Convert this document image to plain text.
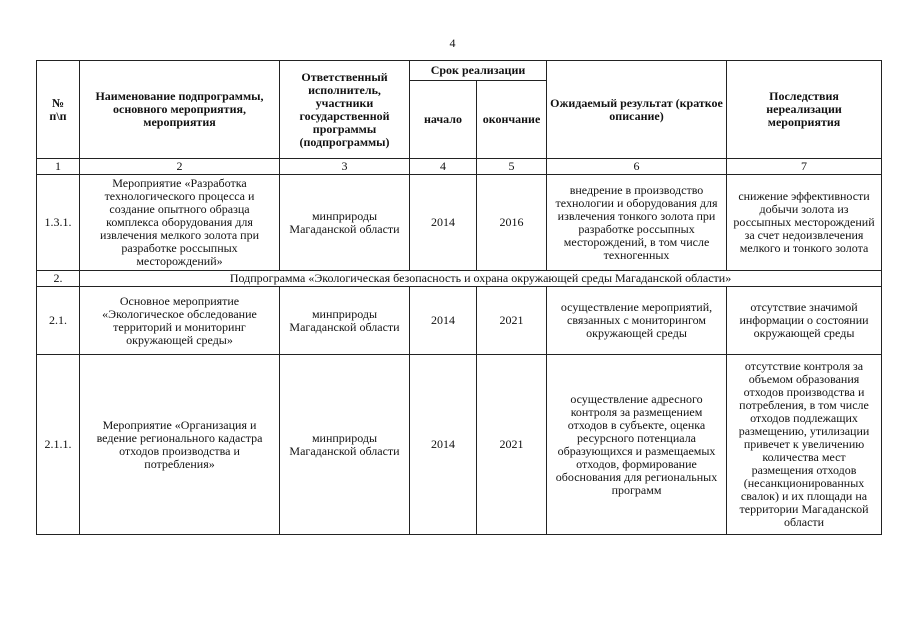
4
№
п\п	Наименование подпрограммы, основного мероприятия, мероприятия	Ответственный исполнитель, участники государственной программы (подпрограммы)	Срок реализации		Ожидаемый результат (краткое описание)	Последствия нереализации мероприятия
			начало	окончание		
1	2	3	4	5	6	7
1.3.1.	Мероприятие «Разработка технологического процесса и создание опытного образца комплекса оборудования для извлечения мелкого золота при разработке россыпных месторождений»	минприроды Магаданской области	2014	2016	внедрение в производство технологии и оборудования для извлечения тонкого золота при разработке россыпных месторождений, в том числе техногенных	снижение эффективности добычи золота из россыпных месторождений за счет недоизвлечения мелкого и тонкого золота
2.	Подпрограмма «Экологическая безопасность и охрана окружающей среды Магаданской области»					
2.1.	Основное мероприятие «Экологическое обследование территорий и мониторинг окружающей среды»	минприроды Магаданской области	2014	2021	осуществление мероприятий, связанных с мониторингом окружающей среды	отсутствие значимой информации о состоянии окружающей среды
2.1.1.	Мероприятие «Организация и ведение регионального кадастра отходов производства и потребления»	минприроды Магаданской области	2014	2021	осуществление адресного контроля за размещением отходов в субъекте, оценка ресурсного потенциала образующихся и размещаемых отходов, формирование обоснования для региональных программ	отсутствие контроля за объемом образования отходов производства и потребления, в том числе отходов подлежащих размещению, утилизации привечет к увеличению количества мест размещения отходов (несанкционированных свалок) и их площади на территории Магаданской области
